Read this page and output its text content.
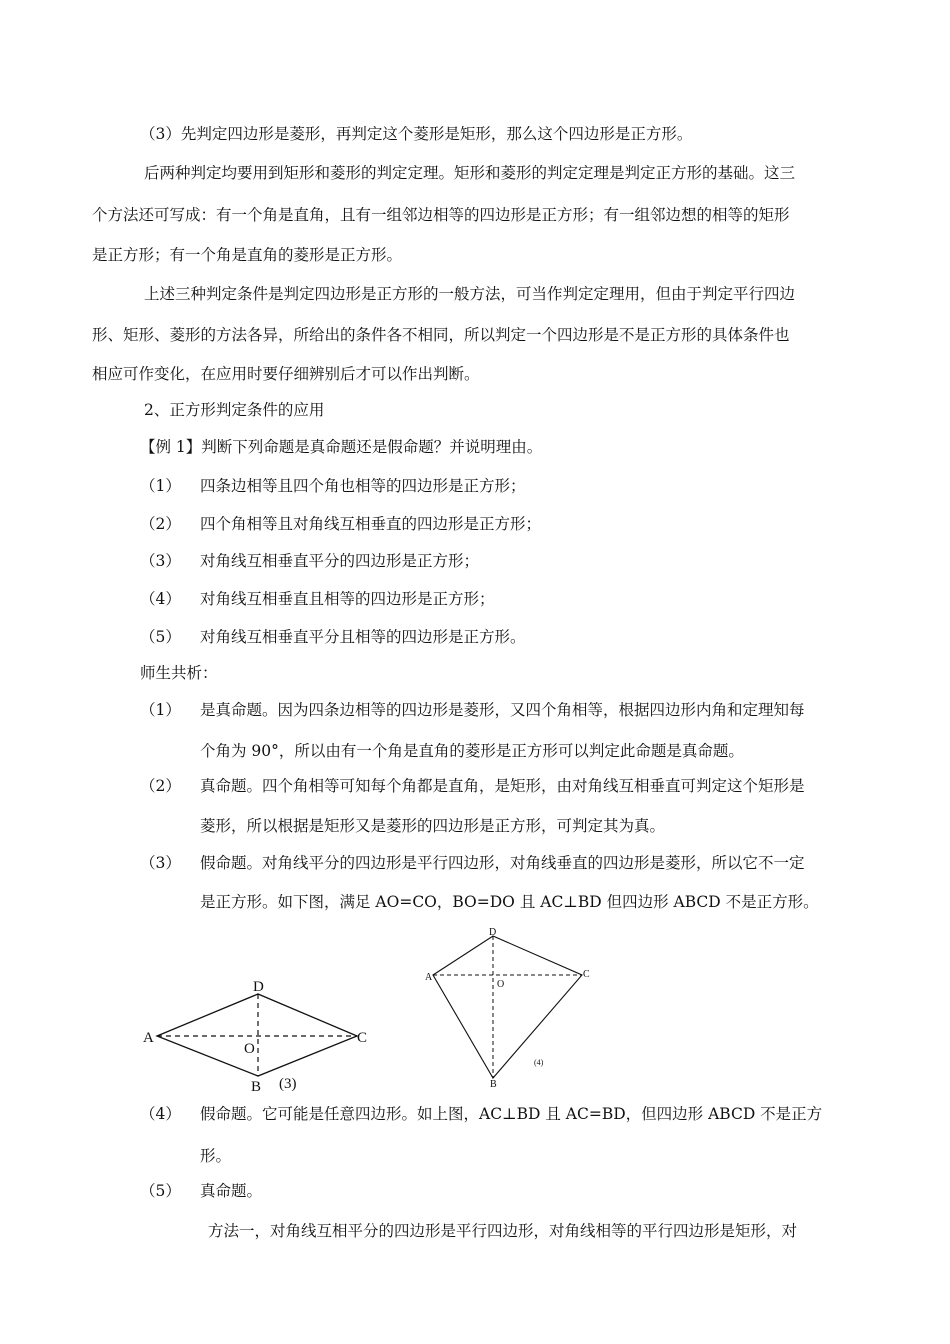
（3）先判定四边形是菱形，再判定这个菱形是矩形，那么这个四边形是正方形。
后两种判定均要用到矩形和菱形的判定定理。矩形和菱形的判定定理是判定正方形的基础。这三
个方法还可写成：有一个角是直角，且有一组邻边相等的四边形是正方形；有一组邻边想的相等的矩形
是正方形；有一个角是直角的菱形是正方形。
上述三种判定条件是判定四边形是正方形的一般方法，可当作判定定理用，但由于判定平行四边
形、矩形、菱形的方法各异，所给出的条件各不相同，所以判定一个四边形是不是正方形的具体条件也
相应可作变化，在应用时要仔细辨别后才可以作出判断。
2、正方形判定条件的应用
【例 1】判断下列命题是真命题还是假命题？并说明理由。
（1） 四条边相等且四个角也相等的四边形是正方形；
（2） 四个角相等且对角线互相垂直的四边形是正方形；
（3） 对角线互相垂直平分的四边形是正方形；
（4） 对角线互相垂直且相等的四边形是正方形；
（5） 对角线互相垂直平分且相等的四边形是正方形。
师生共析：
（1） 是真命题。因为四条边相等的四边形是菱形，又四个角相等，根据四边形内角和定理知每
个角为 90°，所以由有一个角是直角的菱形是正方形可以判定此命题是真命题。
（2） 真命题。四个角相等可知每个角都是直角，是矩形，由对角线互相垂直可判定这个矩形是
菱形，所以根据是矩形又是菱形的四边形是正方形，可判定其为真。
（3） 假命题。对角线平分的四边形是平行四边形，对角线垂直的四边形是菱形，所以它不一定
是正方形。如下图，满足 AO=CO，BO=DO 且 AC⊥BD 但四边形 ABCD 不是正方形。
A
D
C
B
O
(3)
A
D
C
B
O
(4)
（4） 假命题。它可能是任意四边形。如上图，AC⊥BD 且 AC=BD，但四边形 ABCD 不是正方
形。
（5） 真命题。
方法一，对角线互相平分的四边形是平行四边形，对角线相等的平行四边形是矩形，对
